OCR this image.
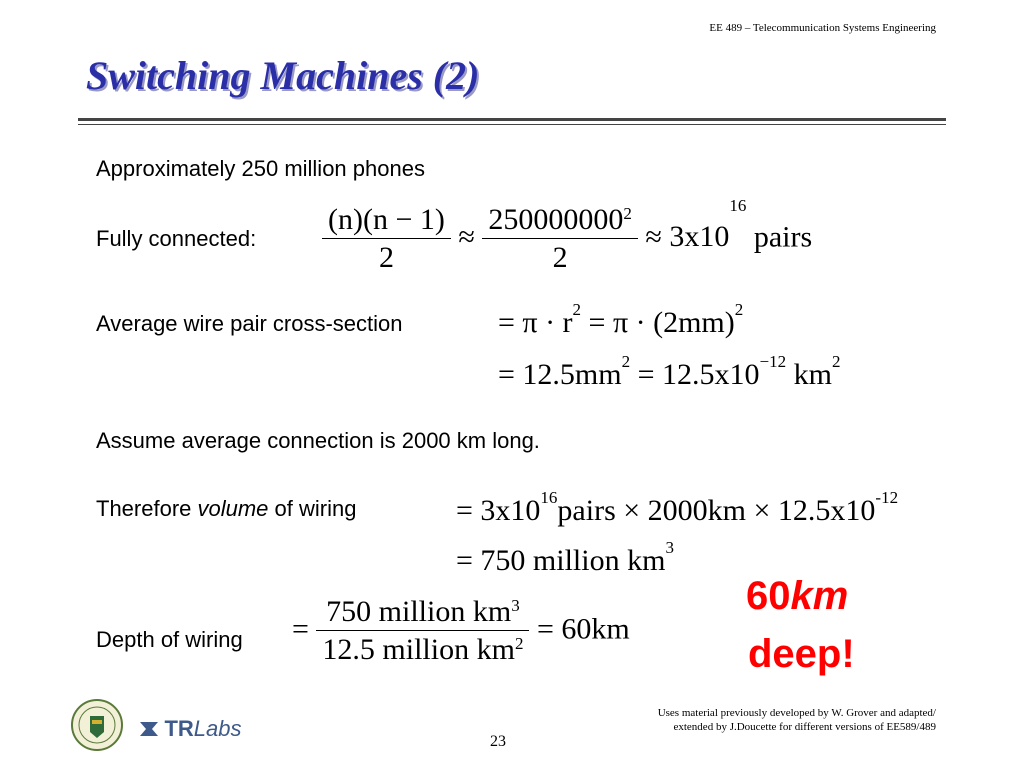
EE 489 – Telecommunication Systems Engineering
Switching Machines (2)
Approximately 250 million phones
Fully connected: $\frac{(n)(n - 1)}{2} \approx \frac{250000000^2}{2} \approx 3x10^{16}$ pairs
Average wire pair cross-section	= $\pi \cdot r^2 = \pi \cdot (2mm)^2$
= $12.5mm^2 = 12.5x10^{-12}$ $km^2$
Assume average connection is 2000 km long.
Therefore volume of wiring	= $3x10^{16}pairs \times 2000km \times 12.5x10^{-12}$
= 750 million $km^3$
60km
deep!
Depth of wiring = $\frac{750 million km^3}{12.5 million km^2} = 60km$
TRLabs
Uses material previously developed by W. Grover and adapted/
extended by J.Doucette for different versions of EE589/489
23
